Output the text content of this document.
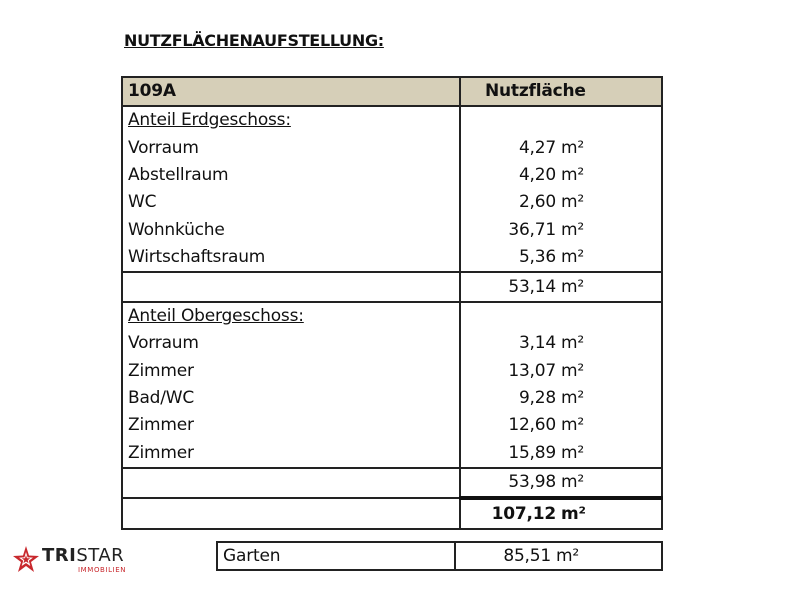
NUTZFLÄCHENAUFSTELLUNG:
109A	Nutzfläche
Anteil Erdgeschoss:	
Vorraum	4,27 m²
Abstellraum	4,20 m²
WC	2,60 m²
Wohnküche	36,71 m²
Wirtschaftsraum	5,36 m²
	53,14 m²
Anteil Obergeschoss:	
Vorraum	3,14 m²
Zimmer	13,07 m²
Bad/WC	9,28 m²
Zimmer	12,60 m²
Zimmer	15,89 m²
	53,98 m²
	107,12 m²
Garten	85,51 m²
TRISTAR
IMMOBILIEN
